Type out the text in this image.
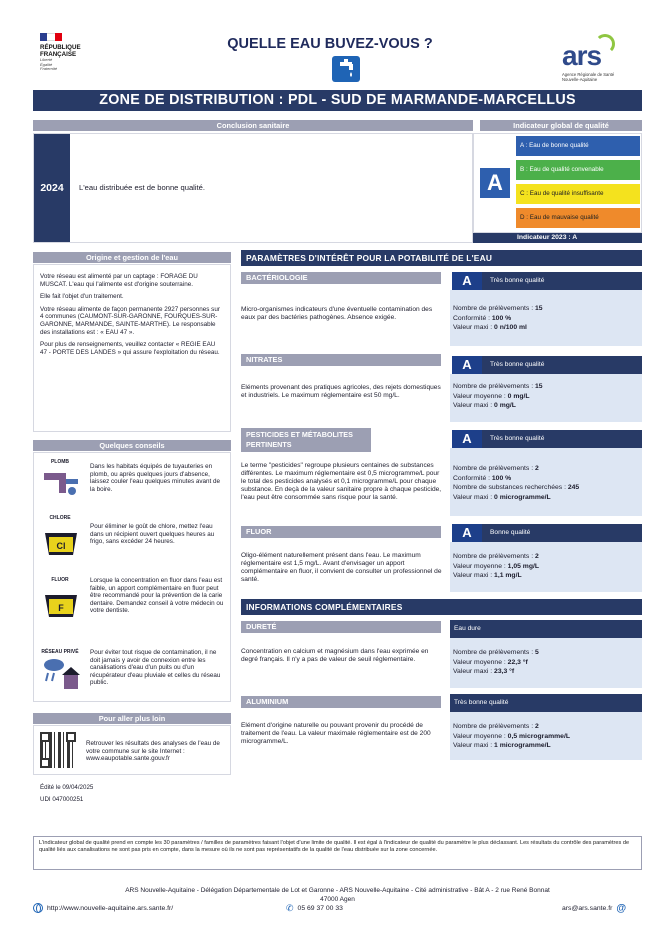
RÉPUBLIQUE
FRANÇAISE
Liberté
Égalité
Fraternité
QUELLE EAU BUVEZ-VOUS ?	ars
Agence Régionale de Santé
Nouvelle-Aquitaine
ZONE DE DISTRIBUTION : PDL - SUD DE MARMANDE-MARCELLUS
Conclusion sanitaire
2024	L'eau distribuée est de bonne qualité.
Indicateur global de qualité
A
A : Eau de bonne qualité
B : Eau de qualité convenable
C : Eau de qualité insuffisante
D : Eau de mauvaise qualité
Indicateur 2023 : A
Origine et gestion de l'eau
Votre réseau est alimenté par un captage : FORAGE DU MUSCAT. L'eau qui l'alimente est d'origine souterraine.
Elle fait l'objet d'un traitement.
Votre réseau alimente de façon permanente 2927 personnes sur 4 communes (CAUMONT-SUR-GARONNE, FOURQUES-SUR-GARONNE, MARMANDE, SAINTE-MARTHE). Le responsable des installations est : « EAU 47 ».
Pour plus de renseignements, veuillez contacter « REGIE EAU 47 - PORTE DES LANDES » qui assure l'exploitation du réseau.
Quelques conseils
PLOMB
Dans les habitats équipés de tuyauteries en plomb, ou après quelques jours d'absence, laissez couler l'eau quelques minutes avant de la boire.
CHLORE
Cl
Pour éliminer le goût de chlore, mettez l'eau dans un récipient ouvert quelques heures au frigo, sans excéder 24 heures.
FLUOR
F
Lorsque la concentration en fluor dans l'eau est faible, un apport complémentaire en fluor peut être recommandé pour la prévention de la carie dentaire. Demandez conseil à votre médecin ou votre dentiste.
RÉSEAU PRIVÉ	Pour éviter tout risque de contamination, il ne doit jamais y avoir de connexion entre les canalisations d'eau d'un puits ou d'un récupérateur d'eau pluviale et celles du réseau public.
Pour aller plus loin
Retrouver les résultats des analyses de l'eau de votre commune sur le site Internet : www.eaupotable.sante.gouv.fr
Édité le 09/04/2025
UDI 047000251
PARAMÈTRES D'INTÉRÊT POUR LA POTABILITÉ DE L'EAU
BACTÉRIOLOGIE	A	Très bonne qualité
Micro-organismes indicateurs d'une éventuelle contamination des eaux par des bactéries pathogènes. Absence exigée.
Nombre de prélèvements : 15
Conformité : 100 %
Valeur maxi : 0 n/100 ml
NITRATES	A	Très bonne qualité
Eléments provenant des pratiques agricoles, des rejets domestiques et industriels. Le maximum réglementaire est 50 mg/L.
Nombre de prélèvements : 15
Valeur moyenne : 0 mg/L
Valeur maxi : 0 mg/L
PESTICIDES ET MÉTABOLITES PERTINENTS	A	Très bonne qualité
Le terme "pesticides" regroupe plusieurs centaines de substances différentes. Le maximum réglementaire est 0,5 microgramme/L pour le total des pesticides analysés et 0,1 microgramme/L pour chaque substance. En deçà de la valeur sanitaire propre à chaque pesticide, l'eau peut être consommée sans risque pour la santé.
Nombre de prélèvements : 2
Conformité : 100 %
Nombre de substances recherchées : 245
Valeur maxi : 0 microgramme/L
FLUOR	A	Bonne qualité
Oligo-élément naturellement présent dans l'eau. Le maximum réglementaire est 1,5 mg/L. Avant d'envisager un apport complémentaire en fluor, il convient de consulter un professionnel de santé.
Nombre de prélèvements : 2
Valeur moyenne : 1,05 mg/L
Valeur maxi : 1,1 mg/L
INFORMATIONS COMPLÉMENTAIRES
DURETÉ	Eau dure
Concentration en calcium et magnésium dans l'eau exprimée en degré français. Il n'y a pas de valeur de seuil réglementaire.
Nombre de prélèvements : 5
Valeur moyenne : 22,3 °f
Valeur maxi : 23,3 °f
ALUMINIUM	Très bonne qualité
Elément d'origine naturelle ou pouvant provenir du procédé de traitement de l'eau. La valeur maximale réglementaire est de 200 microgramme/L.
Nombre de prélèvements : 2
Valeur moyenne : 0,5 microgramme/L
Valeur maxi : 1 microgramme/L
L'indicateur global de qualité prend en compte les 30 paramètres / familles de paramètres faisant l'objet d'une limite de qualité. Il est égal à l'indicateur de qualité du paramètre le plus déclassant. Les résultats du contrôle des paramètres de qualité liés aux canalisations ne sont pas pris en compte, dans la mesure où ils ne sont pas représentatifs de la qualité de l'eau distribuée sur la zone concernée.
ARS Nouvelle-Aquitaine - Délégation Départementale de Lot et Garonne - ARS Nouvelle-Aquitaine - Cité administrative - Bât A - 2 rue René Bonnat
47000 Agen
http://www.nouvelle-aquitaine.ars.sante.fr/	✆ 05 69 37 00 33	ars@ars.sante.fr @
